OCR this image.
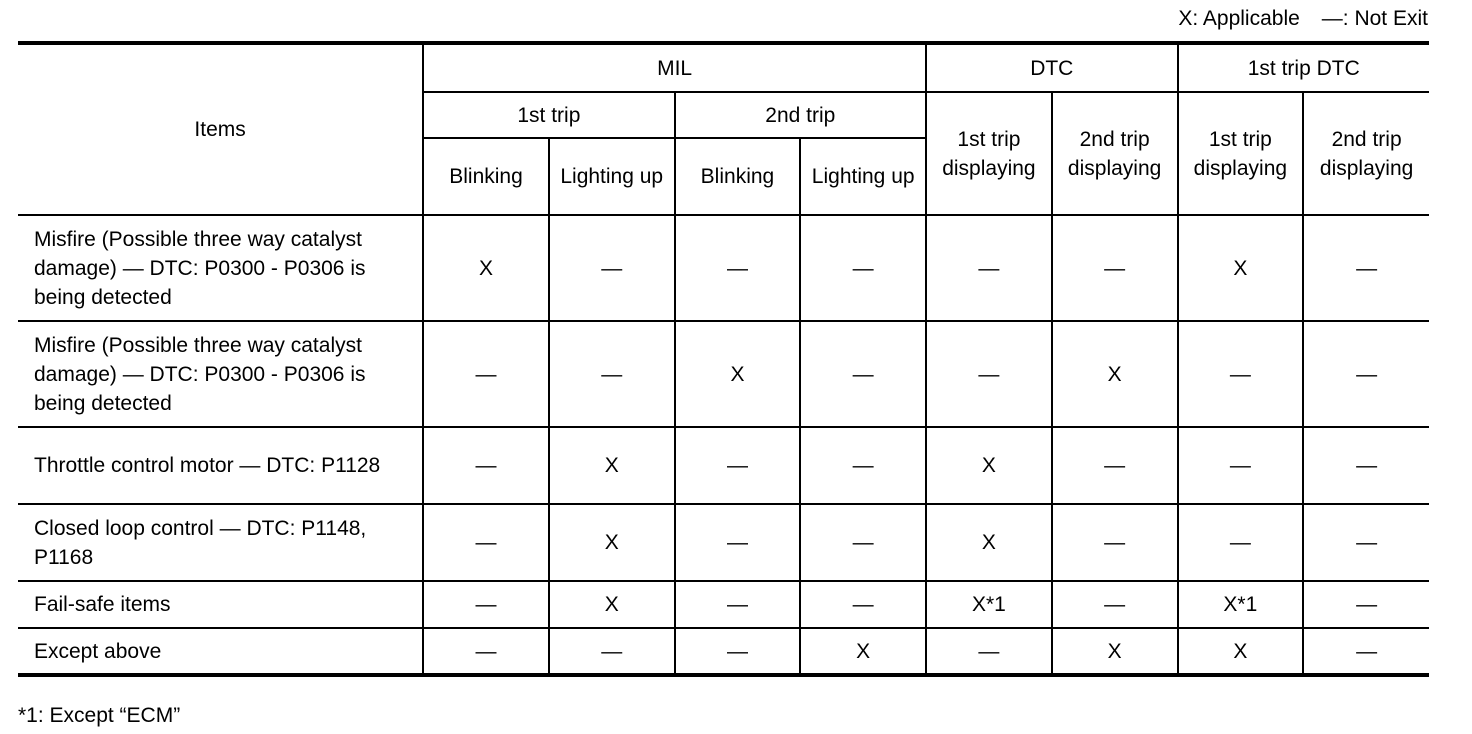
X: Applicable —: Not Exit
Items	MIL				DTC		1st trip DTC	
	1st trip		2nd trip		1st trip displaying	2nd trip displaying	1st trip displaying	2nd trip displaying
	Blinking	Lighting up	Blinking	Lighting up				
Misfire (Possible three way catalyst damage) — DTC: P0300 - P0306 is being detected	X	—	—	—	—	—	X	—
Misfire (Possible three way catalyst damage) — DTC: P0300 - P0306 is being detected	—	—	X	—	—	X	—	—
Throttle control motor — DTC: P1128	—	X	—	—	X	—	—	—
Closed loop control — DTC: P1148, P1168	—	X	—	—	X	—	—	—
Fail-safe items	—	X	—	—	X*1	—	X*1	—
Except above	—	—	—	X	—	X	X	—
*1: Except “ECM”
